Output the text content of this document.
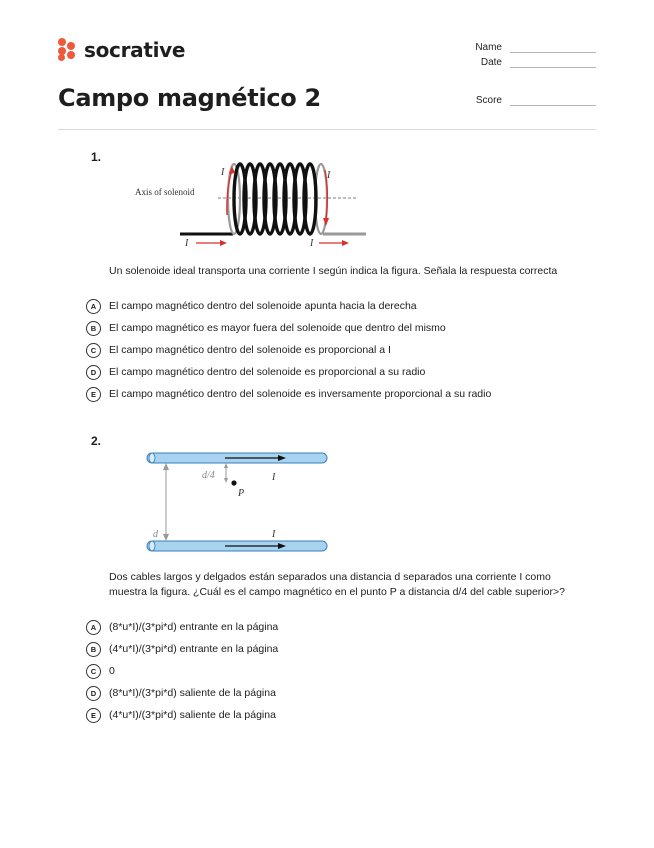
socrative	Name
Date
Score
Campo magnético 2
1.
Axis of solenoid
I	I
I	I
Un solenoide ideal transporta una corriente I según indica la figura. Señala la respuesta correcta
A	El campo magnético dentro del solenoide apunta hacia la derecha
B	El campo magnético es mayor fuera del solenoide que dentro del mismo
C	El campo magnético dentro del solenoide es proporcional a I
D	El campo magnético dentro del solenoide es proporcional a su radio
E	El campo magnético dentro del solenoide es inversamente proporcional a su radio
2.
d
d/4
P
I
I
Dos cables largos y delgados están separados una distancia d separados una corriente I como muestra la figura. ¿Cuál es el campo magnético en el punto P a distancia d/4 del cable superior>?
A	(8*u*I)/(3*pi*d) entrante en la página
B	(4*u*I)/(3*pi*d) entrante en la página
C	0
D	(8*u*I)/(3*pi*d) saliente de la página
E	(4*u*I)/(3*pi*d) saliente de la página
